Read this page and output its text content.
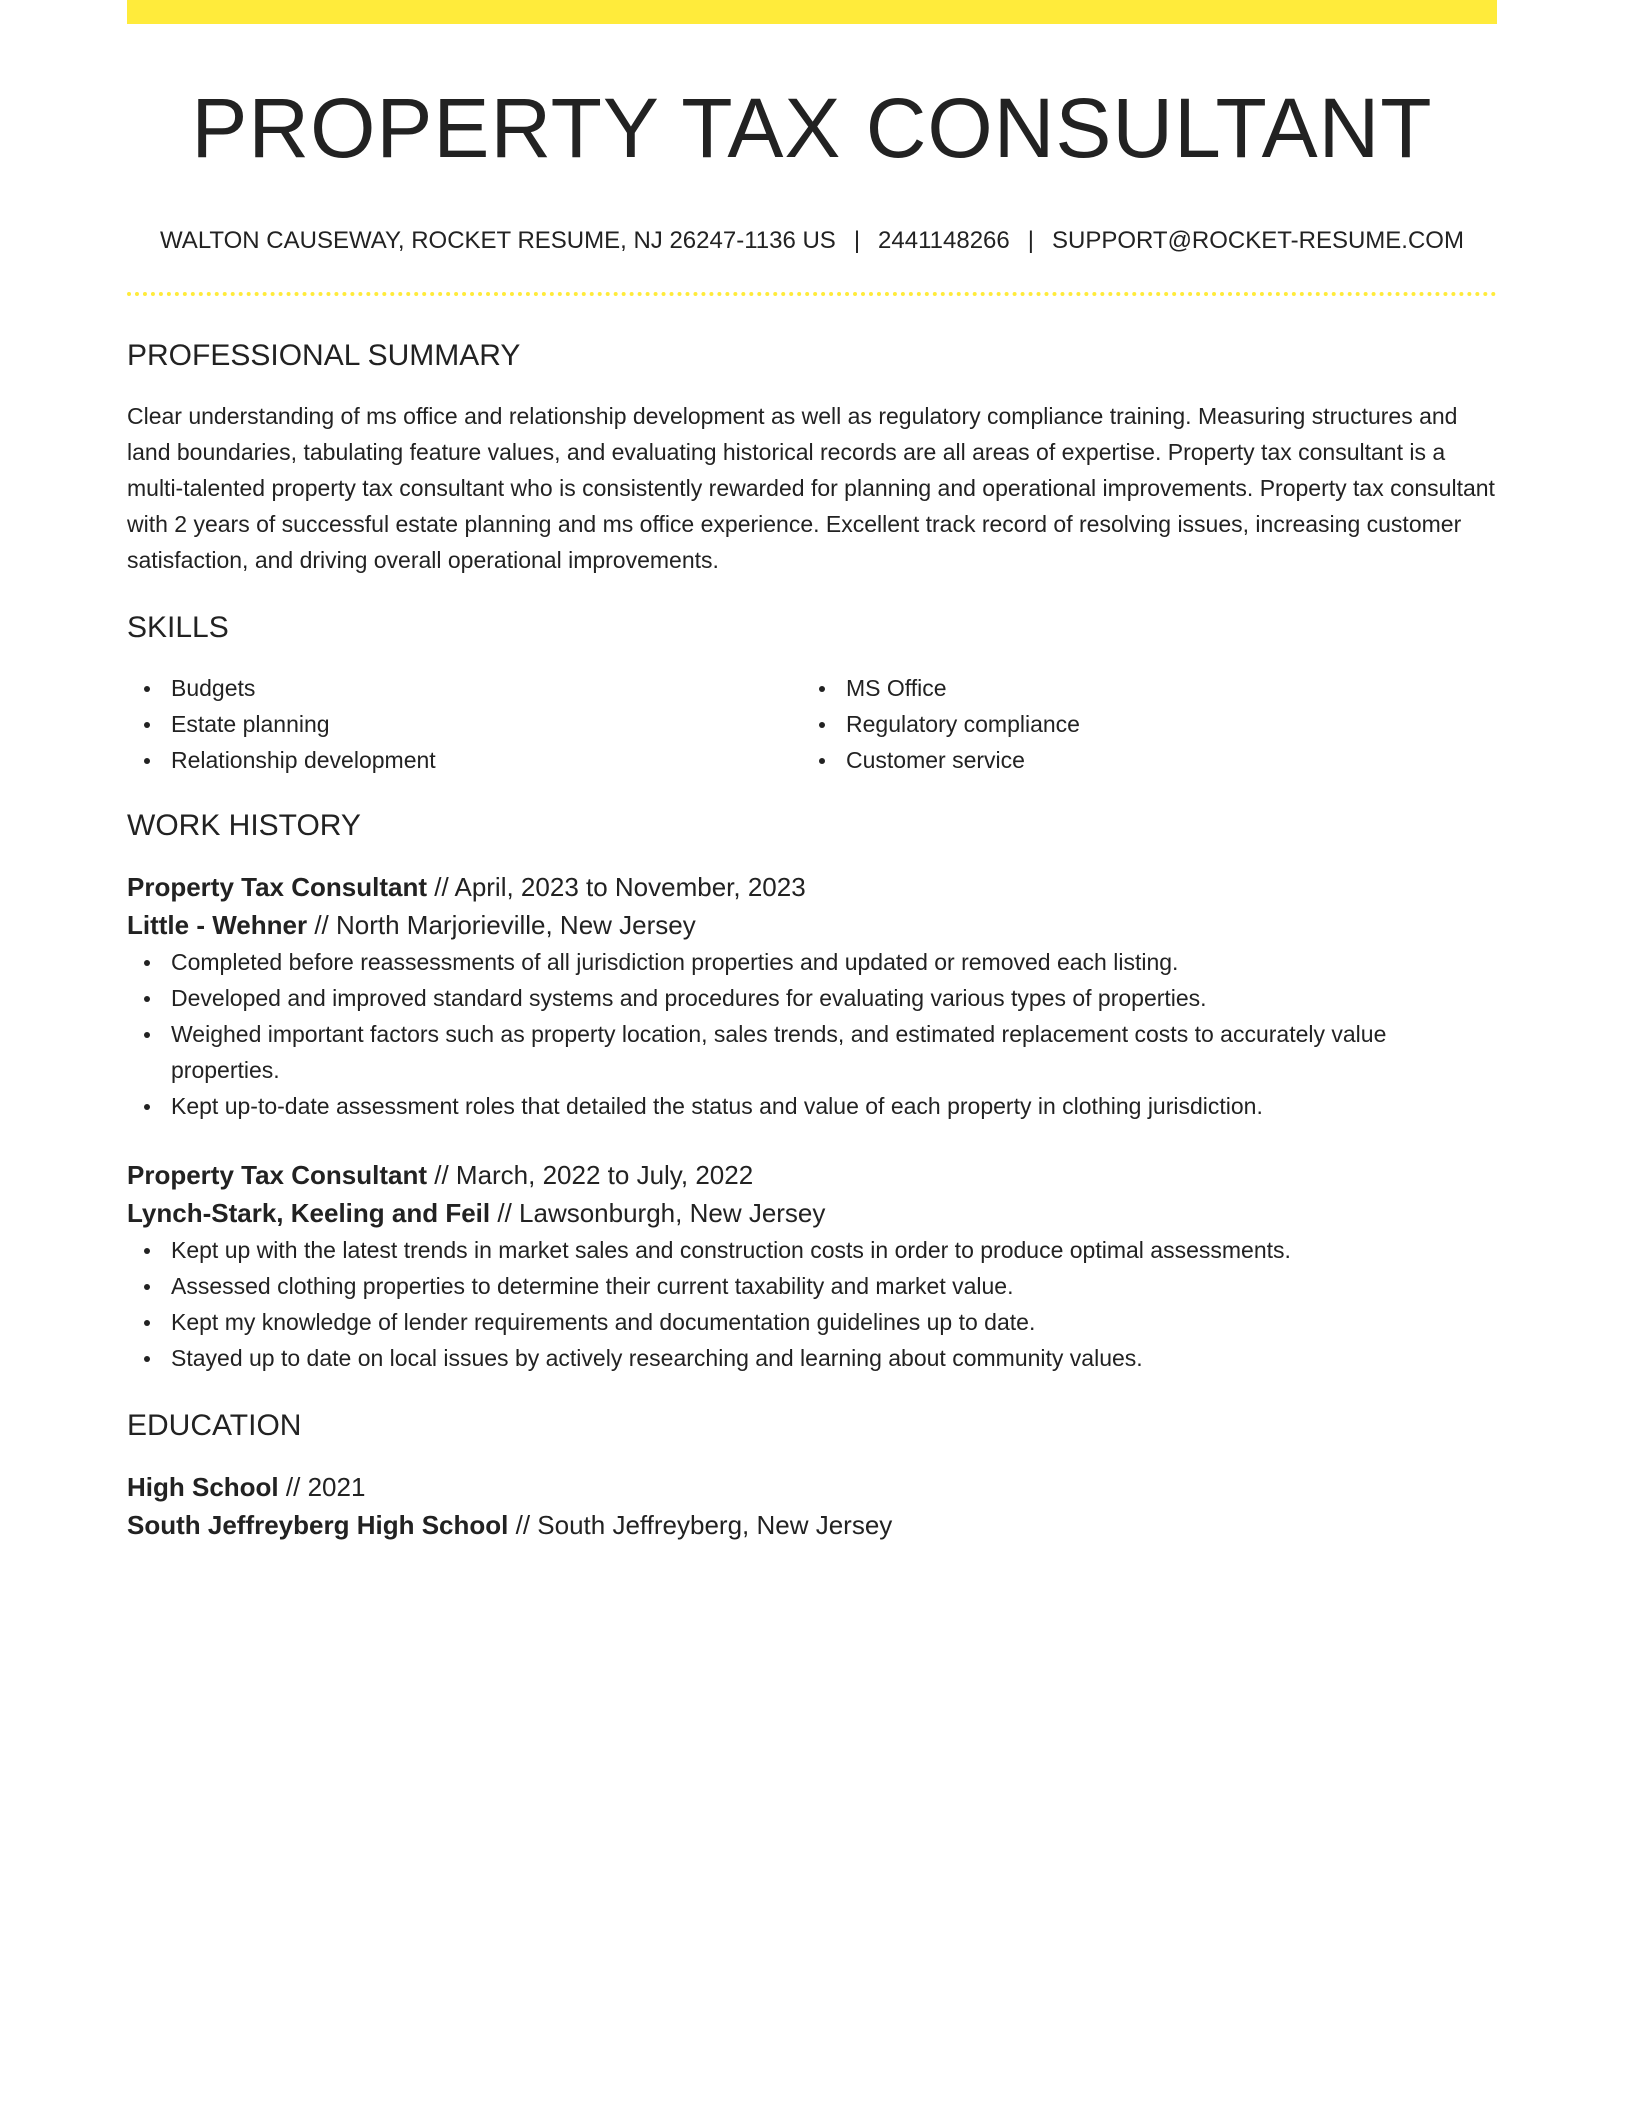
PROPERTY TAX CONSULTANT
WALTON CAUSEWAY, ROCKET RESUME, NJ 26247-1136 US | 2441148266 | SUPPORT@ROCKET-RESUME.COM
PROFESSIONAL SUMMARY

Clear understanding of ms office and relationship development as well as regulatory compliance training. Measuring structures and land boundaries, tabulating feature values, and evaluating historical records are all areas of expertise. Property tax consultant is a multi-talented property tax consultant who is consistently rewarded for planning and operational improvements. Property tax consultant with 2 years of successful estate planning and ms office experience. Excellent track record of resolving issues, increasing customer satisfaction, and driving overall operational improvements.

SKILLS
Budgets
Estate planning
Relationship development
MS Office
Regulatory compliance
Customer service
WORK HISTORY
Property Tax Consultant // April, 2023 to November, 2023
Little - Wehner // North Marjorieville, New Jersey
Completed before reassessments of all jurisdiction properties and updated or removed each listing.
Developed and improved standard systems and procedures for evaluating various types of properties.
Weighed important factors such as property location, sales trends, and estimated replacement costs to accurately value properties.
Kept up-to-date assessment roles that detailed the status and value of each property in clothing jurisdiction.
Property Tax Consultant // March, 2022 to July, 2022
Lynch-Stark, Keeling and Feil // Lawsonburgh, New Jersey
Kept up with the latest trends in market sales and construction costs in order to produce optimal assessments.
Assessed clothing properties to determine their current taxability and market value.
Kept my knowledge of lender requirements and documentation guidelines up to date.
Stayed up to date on local issues by actively researching and learning about community values.
EDUCATION
High School // 2021
South Jeffreyberg High School // South Jeffreyberg, New Jersey
